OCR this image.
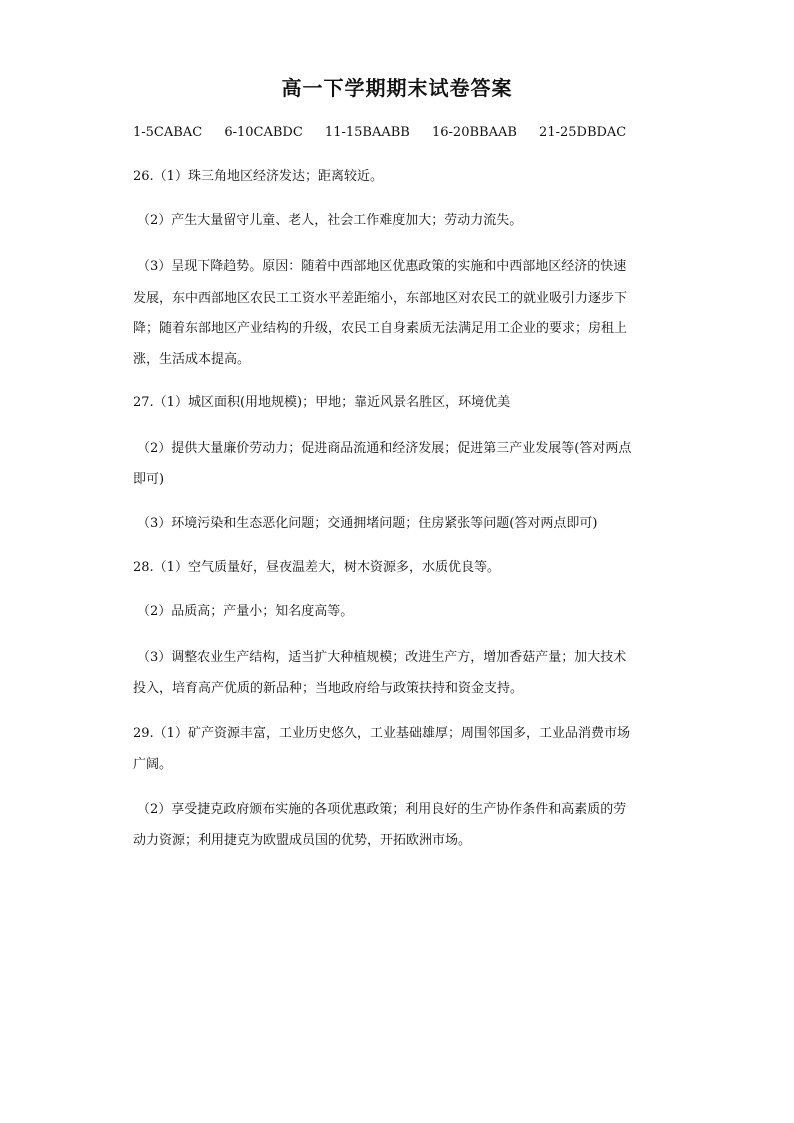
高一下学期期末试卷答案
1-5CABAC 6-10CABDC 11-15BAABB 16-20BBAAB 21-25DBDAC
26.（1）珠三角地区经济发达；距离较近。
（2）产生大量留守儿童、老人，社会工作难度加大；劳动力流失。
（3）呈现下降趋势。原因：随着中西部地区优惠政策的实施和中西部地区经济的快速
发展，东中西部地区农民工工资水平差距缩小，东部地区对农民工的就业吸引力逐步下
降；随着东部地区产业结构的升级，农民工自身素质无法满足用工企业的要求；房租上
涨，生活成本提高。
27.（1）城区面积(用地规模)；甲地；靠近风景名胜区，环境优美
（2）提供大量廉价劳动力；促进商品流通和经济发展；促进第三产业发展等(答对两点
即可)
（3）环境污染和生态恶化问题；交通拥堵问题；住房紧张等问题(答对两点即可)
28.（1）空气质量好，昼夜温差大，树木资源多，水质优良等。
（2）品质高；产量小；知名度高等。
（3）调整农业生产结构，适当扩大种植规模；改进生产方，增加香菇产量；加大技术
投入，培育高产优质的新品种；当地政府给与政策扶持和资金支持。
29.（1）矿产资源丰富，工业历史悠久，工业基础雄厚；周围邻国多，工业品消费市场
广阔。
（2）享受捷克政府颁布实施的各项优惠政策；利用良好的生产协作条件和高素质的劳
动力资源；利用捷克为欧盟成员国的优势，开拓欧洲市场。
